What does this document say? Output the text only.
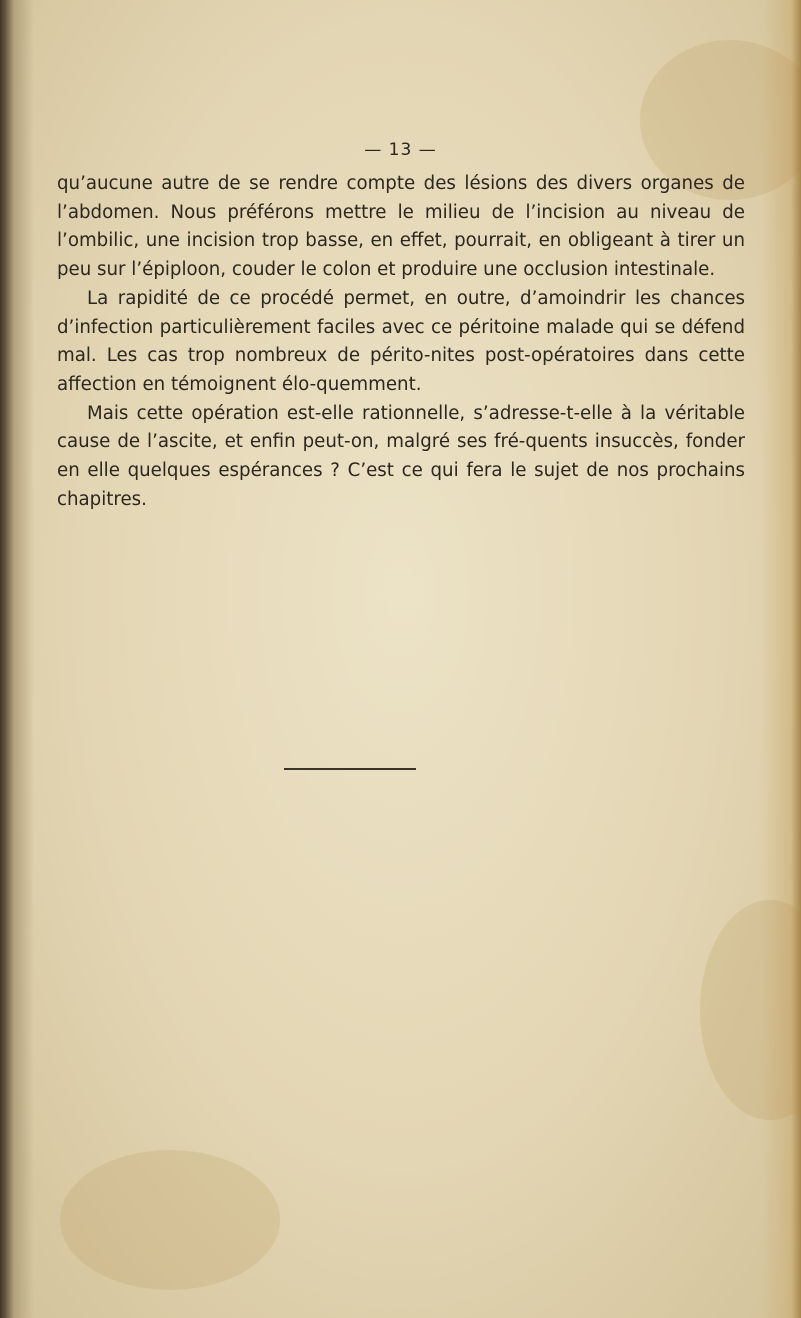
— 13 —

qu’aucune autre de se rendre compte des lésions des divers organes de l’abdomen. Nous préférons mettre le milieu de l’incision au niveau de l’ombilic, une incision trop basse, en effet, pourrait, en obligeant à tirer un peu sur l’épiploon, couder le colon et produire une occlusion intestinale.

La rapidité de ce procédé permet, en outre, d’amoindrir les chances d’infection particulièrement faciles avec ce péritoine malade qui se défend mal. Les cas trop nombreux de périto-nites post-opératoires dans cette affection en témoignent élo-quemment.

Mais cette opération est-elle rationnelle, s’adresse-t-elle à la véritable cause de l’ascite, et enfin peut-on, malgré ses fré-quents insuccès, fonder en elle quelques espérances ? C’est ce qui fera le sujet de nos prochains chapitres.
